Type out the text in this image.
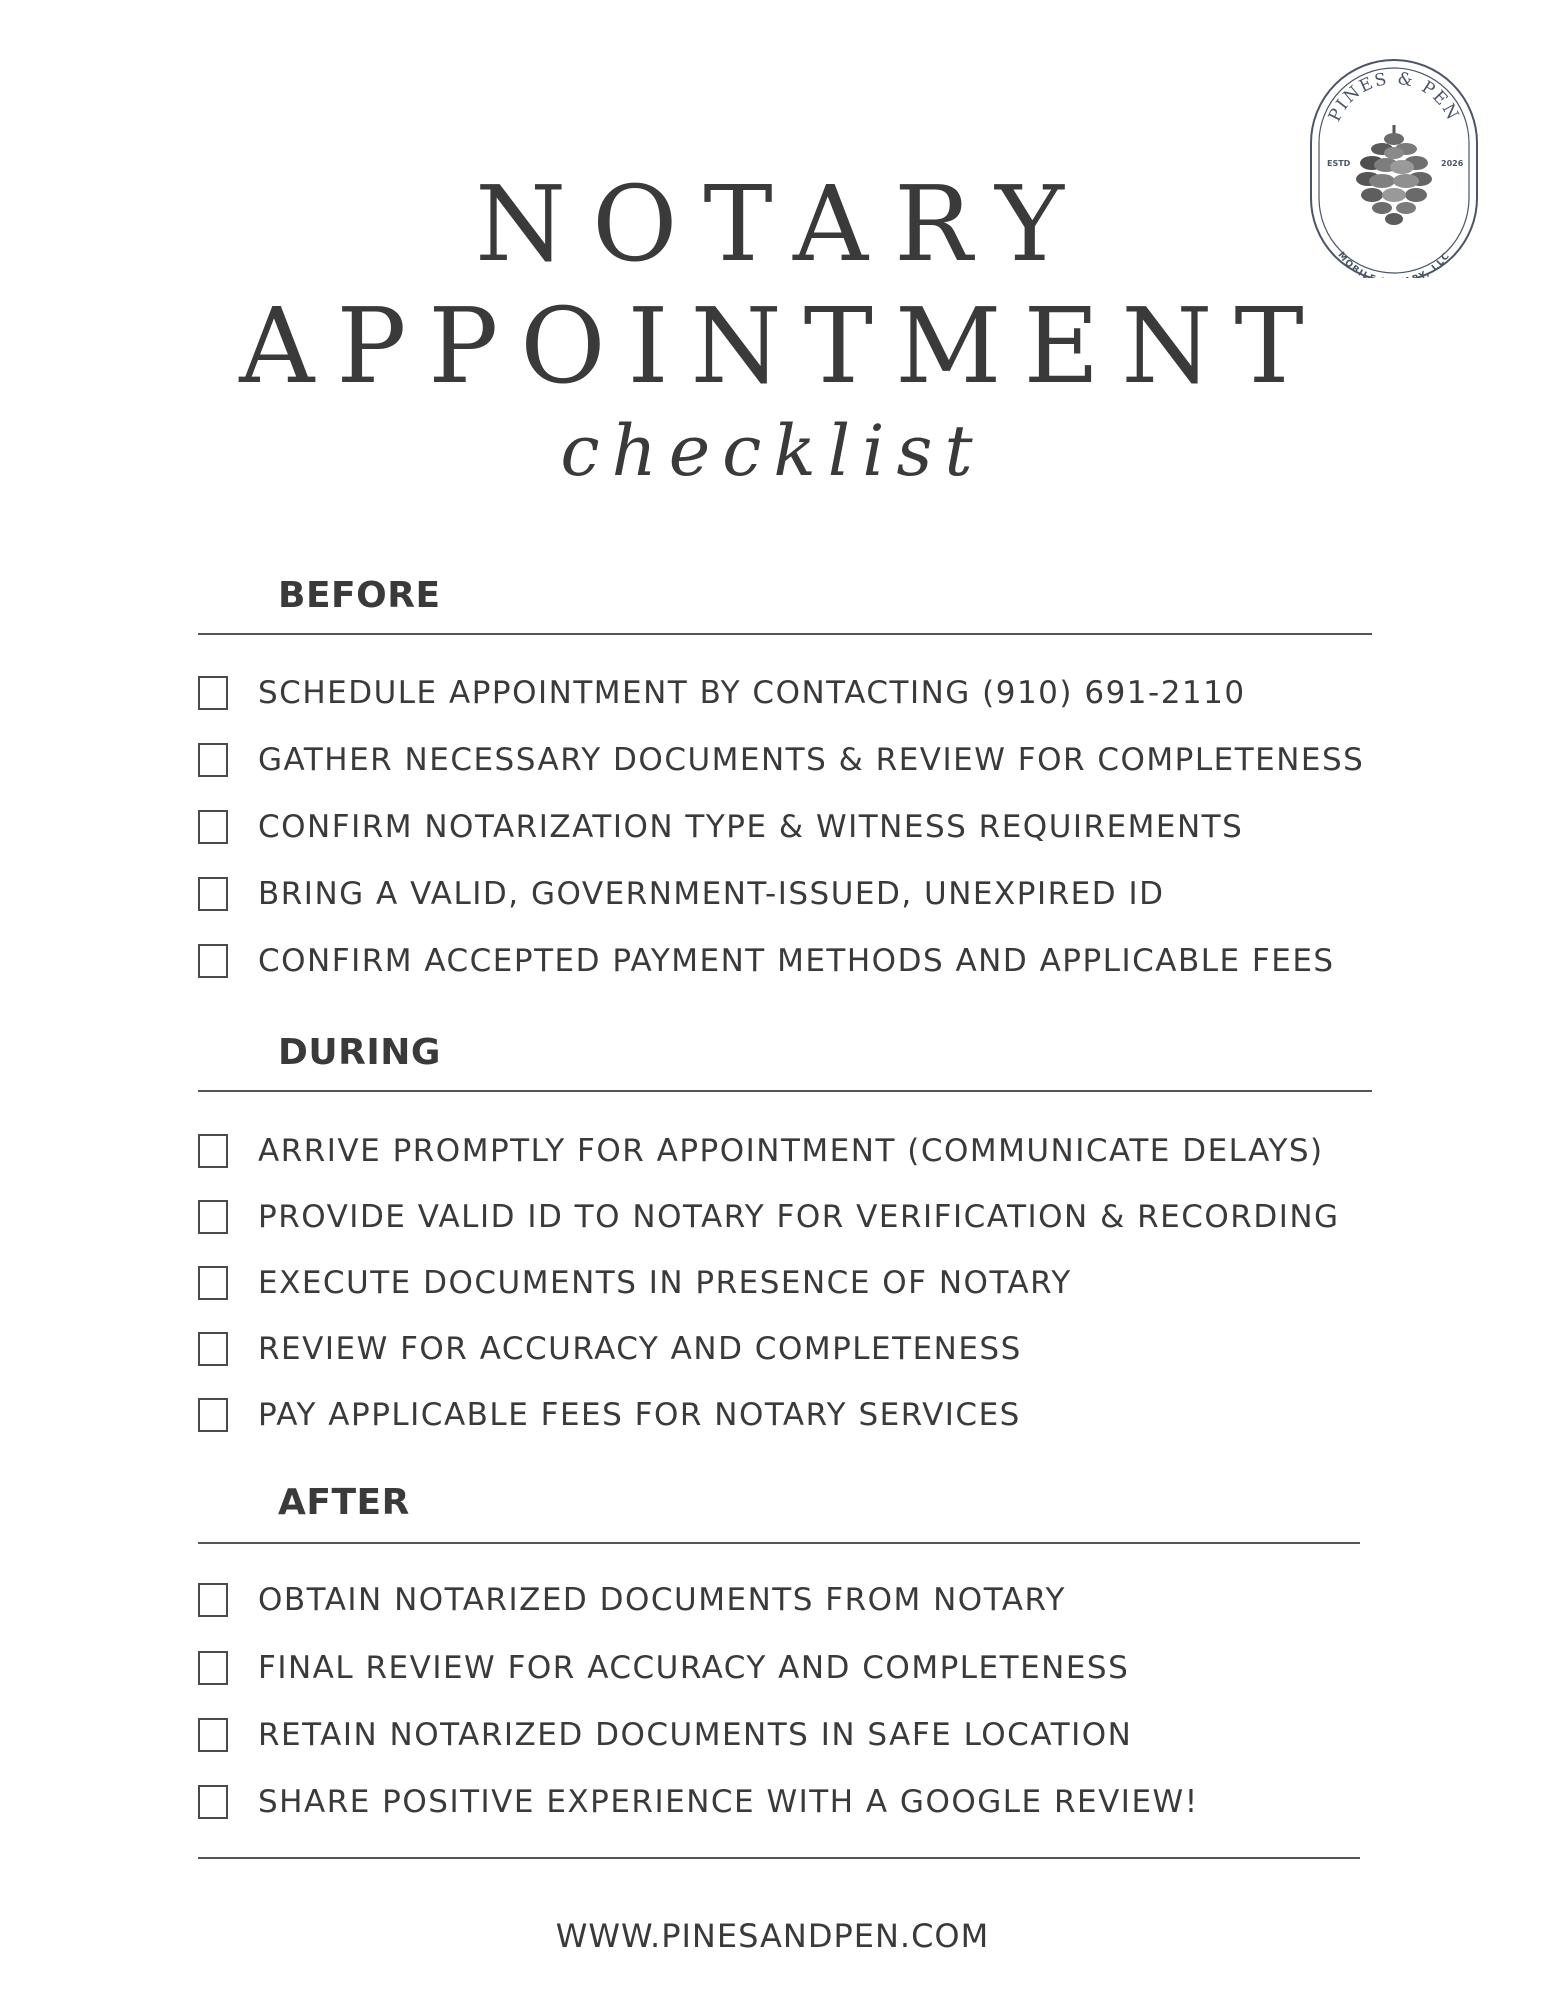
PINES & PEN
ESTD	2026
MOBIL Y, LLC
NOTARY
APPOINTMENT
checklist
BEFORE
SCHEDULE APPOINTMENT BY CONTACTING (910) 691-2110
GATHER NECESSARY DOCUMENTS & REVIEW FOR COMPLETENESS
CONFIRM NOTARIZATION TYPE & WITNESS REQUIREMENTS
BRING A VALID, GOVERNMENT-ISSUED, UNEXPIRED ID
CONFIRM ACCEPTED PAYMENT METHODS AND APPLICABLE FEES
DURING
ARRIVE PROMPTLY FOR APPOINTMENT (COMMUNICATE DELAYS)
PROVIDE VALID ID TO NOTARY FOR VERIFICATION & RECORDING
EXECUTE DOCUMENTS IN PRESENCE OF NOTARY
REVIEW FOR ACCURACY AND COMPLETENESS
PAY APPLICABLE FEES FOR NOTARY SERVICES
AFTER
OBTAIN NOTARIZED DOCUMENTS FROM NOTARY
FINAL REVIEW FOR ACCURACY AND COMPLETENESS
RETAIN NOTARIZED DOCUMENTS IN SAFE LOCATION
SHARE POSITIVE EXPERIENCE WITH A GOOGLE REVIEW!
WWW.PINESANDPEN.COM
